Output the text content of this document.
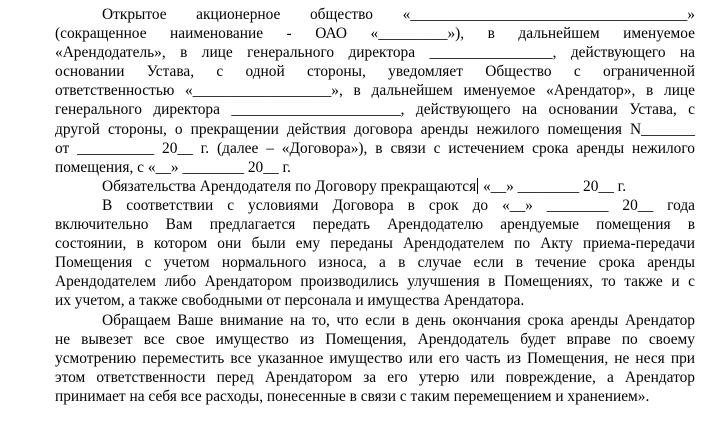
Открытое акционерное общество «____________________________________»
(сокращенное наименование - ОАО «_________»), в дальнейшем именуемое
«Арендодатель», в лице генерального директора ________________, действующего на
основании Устава, с одной стороны, уведомляет Общество с ограниченной
ответственностью «__________________», в дальнейшем именуемое «Арендатор», в лице
генерального директора ______________________, действующего на основании Устава, с
другой стороны, о прекращении действия договора аренды нежилого помещения N_______
от __________ 20__ г. (далее – «Договора»), в связи с истечением срока аренды нежилого
помещения, с «__» ________ 20__ г.
Обязательства Арендодателя по Договору прекращаются «__» ________ 20__ г.
В соответствии с условиями Договора в срок до «__» ________ 20__ года
включительно Вам предлагается передать Арендодателю арендуемые помещения в
состоянии, в котором они были ему переданы Арендодателем по Акту приема-передачи
Помещения с учетом нормального износа, а в случае если в течение срока аренды
Арендодателем либо Арендатором производились улучшения в Помещениях, то также и с
их учетом, а также свободными от персонала и имущества Арендатора.
Обращаем Ваше внимание на то, что если в день окончания срока аренды Арендатор
не вывезет все свое имущество из Помещения, Арендодатель будет вправе по своему
усмотрению переместить все указанное имущество или его часть из Помещения, не неся при
этом ответственности перед Арендатором за его утерю или повреждение, а Арендатор
принимает на себя все расходы, понесенные в связи с таким перемещением и хранением».
